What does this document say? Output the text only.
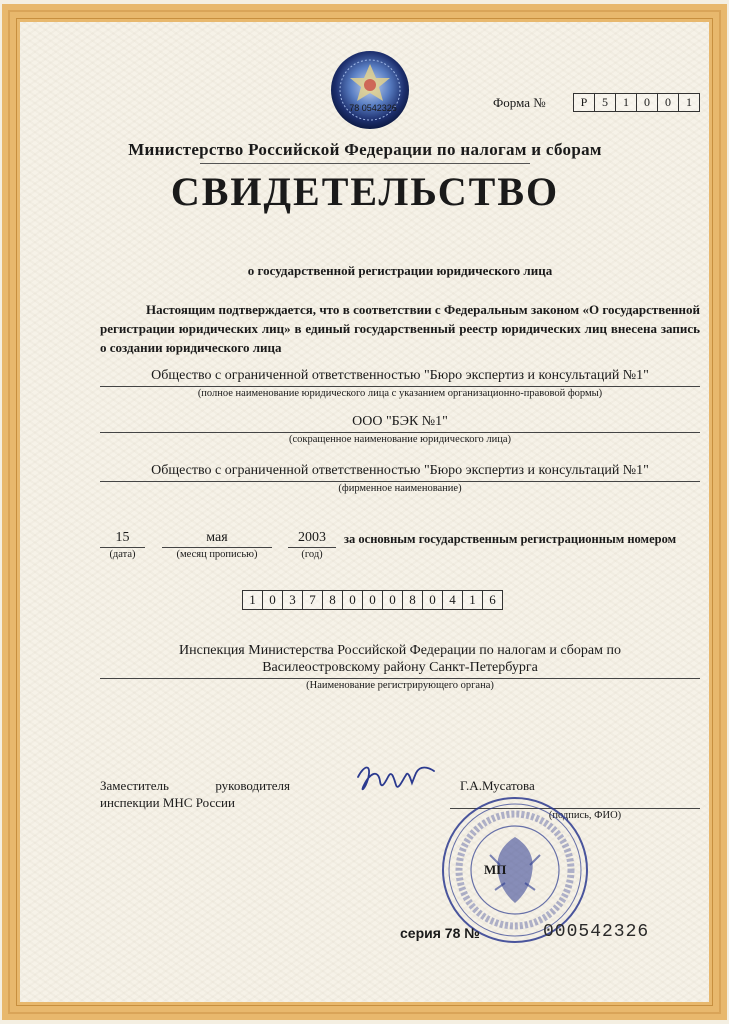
78 0542326	Форма №	Р	5	1	0	0	1
Министерство Российской Федерации по налогам и сборам
СВИДЕТЕЛЬСТВО
о государственной регистрации юридического лица
Настоящим подтверждается, что в соответствии с Федеральным законом «О государственной регистрации юридических лиц» в единый государственный реестр юридических лиц внесена запись о создании юридического лица
Общество с ограниченной ответственностью "Бюро экспертиз и консультаций №1"
(полное наименование юридического лица с указанием организационно-правовой формы)
ООО "БЭК №1"
(сокращенное наименование юридического лица)
Общество с ограниченной ответственностью "Бюро экспертиз и консультаций №1"
(фирменное наименование)
15
(дата)
мая
(месяц прописью)
2003
(год)
за основным государственным регистрационным номером
1	0	3	7	8	0	0	0	8	0	4	1	6
Инспекция Министерства Российской Федерации по налогам и сборам по
Василеостровскому району Санкт-Петербурга
(Наименование регистрирующего органа)
Заместитель руководителя
инспекции МНС России
Г.А.Мусатова
(подпись, ФИО)
МП
серия 78 №	000542326
